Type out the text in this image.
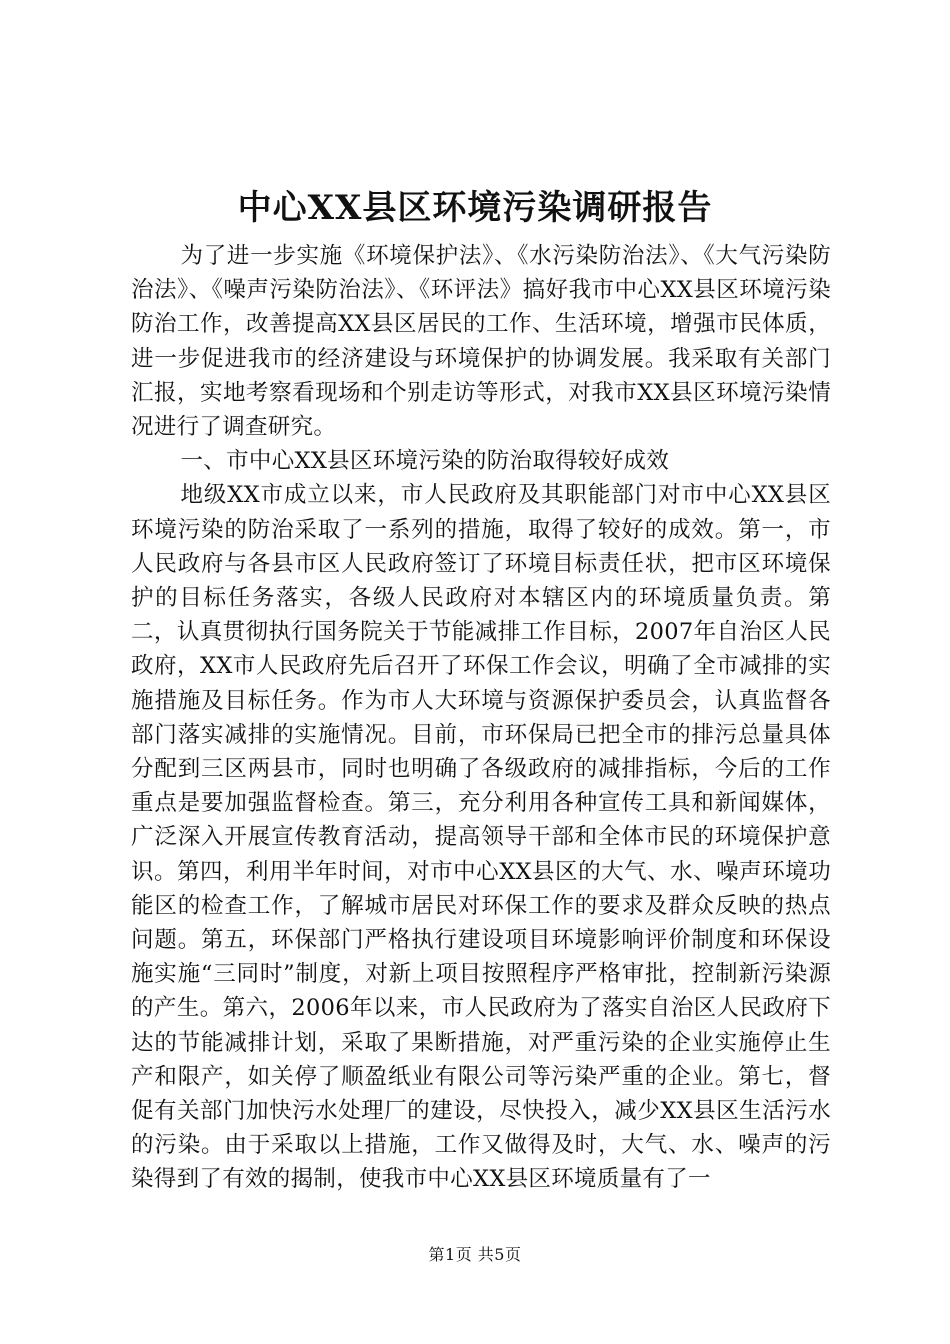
中心XX县区环境污染调研报告

为了进一步实施《环境保护法》、《水污染防治法》、《大气污染防治法》、《噪声污染防治法》、《环评法》搞好我市中心XX县区环境污染防治工作，改善提高XX县区居民的工作、生活环境，增强市民体质，进一步促进我市的经济建设与环境保护的协调发展。我采取有关部门汇报，实地考察看现场和个别走访等形式，对我市XX县区环境污染情况进行了调查研究。

一、市中心XX县区环境污染的防治取得较好成效

地级XX市成立以来，市人民政府及其职能部门对市中心XX县区环境污染的防治采取了一系列的措施，取得了较好的成效。第一，市人民政府与各县市区人民政府签订了环境目标责任状，把市区环境保护的目标任务落实，各级人民政府对本辖区内的环境质量负责。第二，认真贯彻执行国务院关于节能减排工作目标，2007年自治区人民政府，XX市人民政府先后召开了环保工作会议，明确了全市减排的实施措施及目标任务。作为市人大环境与资源保护委员会，认真监督各部门落实减排的实施情况。目前，市环保局已把全市的排污总量具体分配到三区两县市，同时也明确了各级政府的减排指标，今后的工作重点是要加强监督检查。第三，充分利用各种宣传工具和新闻媒体，广泛深入开展宣传教育活动，提高领导干部和全体市民的环境保护意识。第四，利用半年时间，对市中心XX县区的大气、水、噪声环境功能区的检查工作，了解城市居民对环保工作的要求及群众反映的热点问题。第五，环保部门严格执行建设项目环境影响评价制度和环保设施实施“三同时”制度，对新上项目按照程序严格审批，控制新污染源的产生。第六，2006年以来，市人民政府为了落实自治区人民政府下达的节能减排计划，采取了果断措施，对严重污染的企业实施停止生产和限产，如关停了顺盈纸业有限公司等污染严重的企业。第七，督促有关部门加快污水处理厂的建设，尽快投入，减少XX县区生活污水的污染。由于采取以上措施，工作又做得及时，大气、水、噪声的污染得到了有效的揭制，使我市中心XX县区环境质量有了一

第1页 共5页
